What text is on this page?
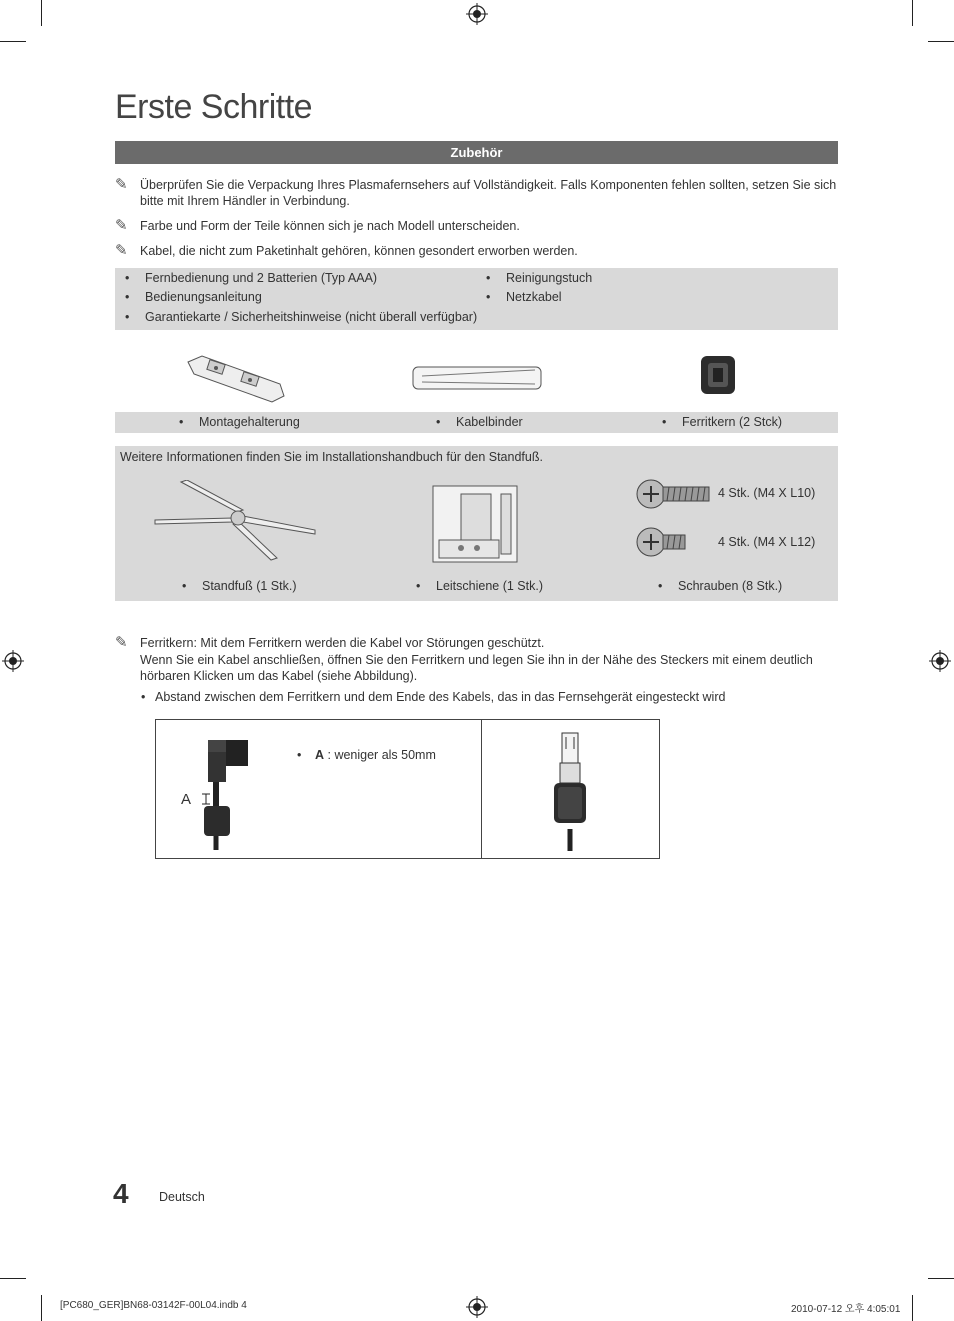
Erste Schritte
Zubehör
✎ Überprüfen Sie die Verpackung Ihres Plasmafernsehers auf Vollständigkeit. Falls Komponenten fehlen sollten, setzen Sie sich bitte mit Ihrem Händler in Verbindung.
✎ Farbe und Form der Teile können sich je nach Modell unterscheiden.
✎ Kabel, die nicht zum Paketinhalt gehören, können gesondert erworben werden.
• Fernbedienung und 2 Batterien (Typ AAA)
• Bedienungsanleitung
• Garantiekarte / Sicherheitshinweise (nicht überall verfügbar)
• Reinigungstuch
• Netzkabel
• Montagehalterung	• Kabelbinder	• Ferritkern (2 Stck)
Weitere Informationen finden Sie im Installationshandbuch für den Standfuß.
4 Stk. (M4 X L10)
4 Stk. (M4 X L12)
• Standfuß (1 Stk.)	• Leitschiene (1 Stk.)	• Schrauben (8 Stk.)
✎ Ferritkern: Mit dem Ferritkern werden die Kabel vor Störungen geschützt.
Wenn Sie ein Kabel anschließen, öffnen Sie den Ferritkern und legen Sie ihn in der Nähe des Steckers mit einem deutlich hörbaren Klicken um das Kabel (siehe Abbildung).
• Abstand zwischen dem Ferritkern und dem Ende des Kabels, das in das Fernsehgerät eingesteckt wird
A
• A : weniger als 50mm
4 Deutsch
[PC680_GER]BN68-03142F-00L04.indb 4	2010-07-12 오후 4:05:01
